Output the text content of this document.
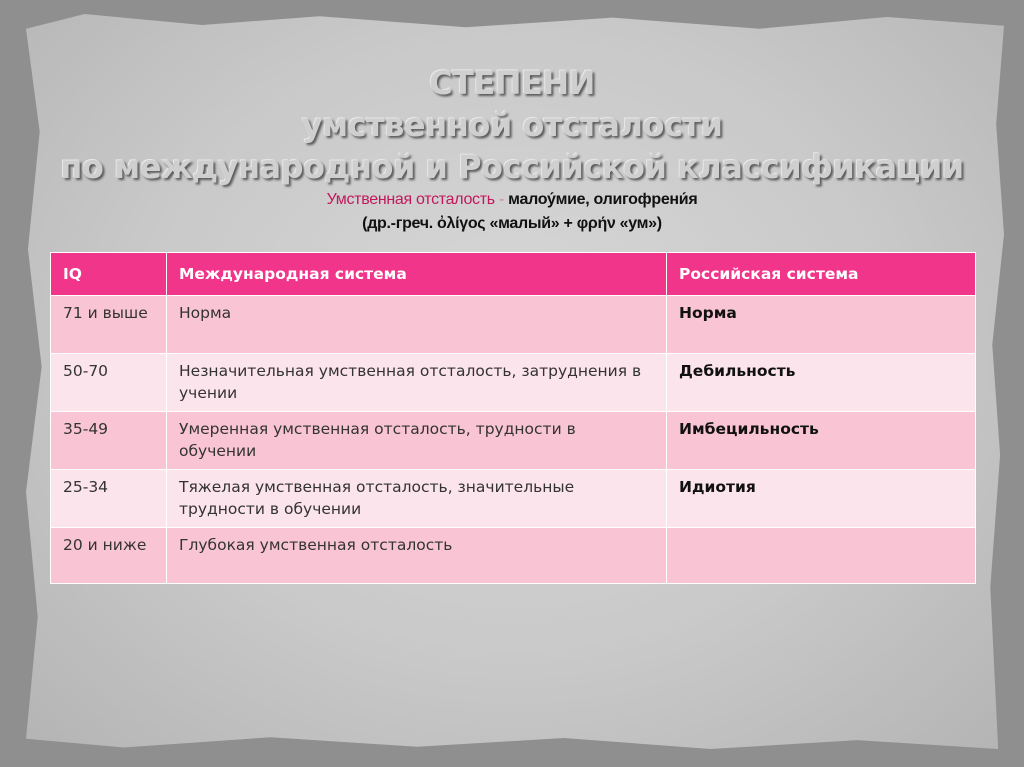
СТЕПЕНИ
умственной отсталости
по международной и Российской классификации
Умственная отсталость - малоу́мие, олигофрени́я
(др.-греч. ὀλίγος «малый» + φρήν «ум»)
IQ	Международная система	Российская система
71 и выше	Норма	Норма
50-70	Незначительная умственная отсталость, затруднения в учении	Дебильность
35-49	Умеренная умственная отсталость, трудности в обучении	Имбецильность
25-34	Тяжелая умственная отсталость, значительные трудности в обучении	Идиотия
20 и ниже	Глубокая умственная отсталость	
